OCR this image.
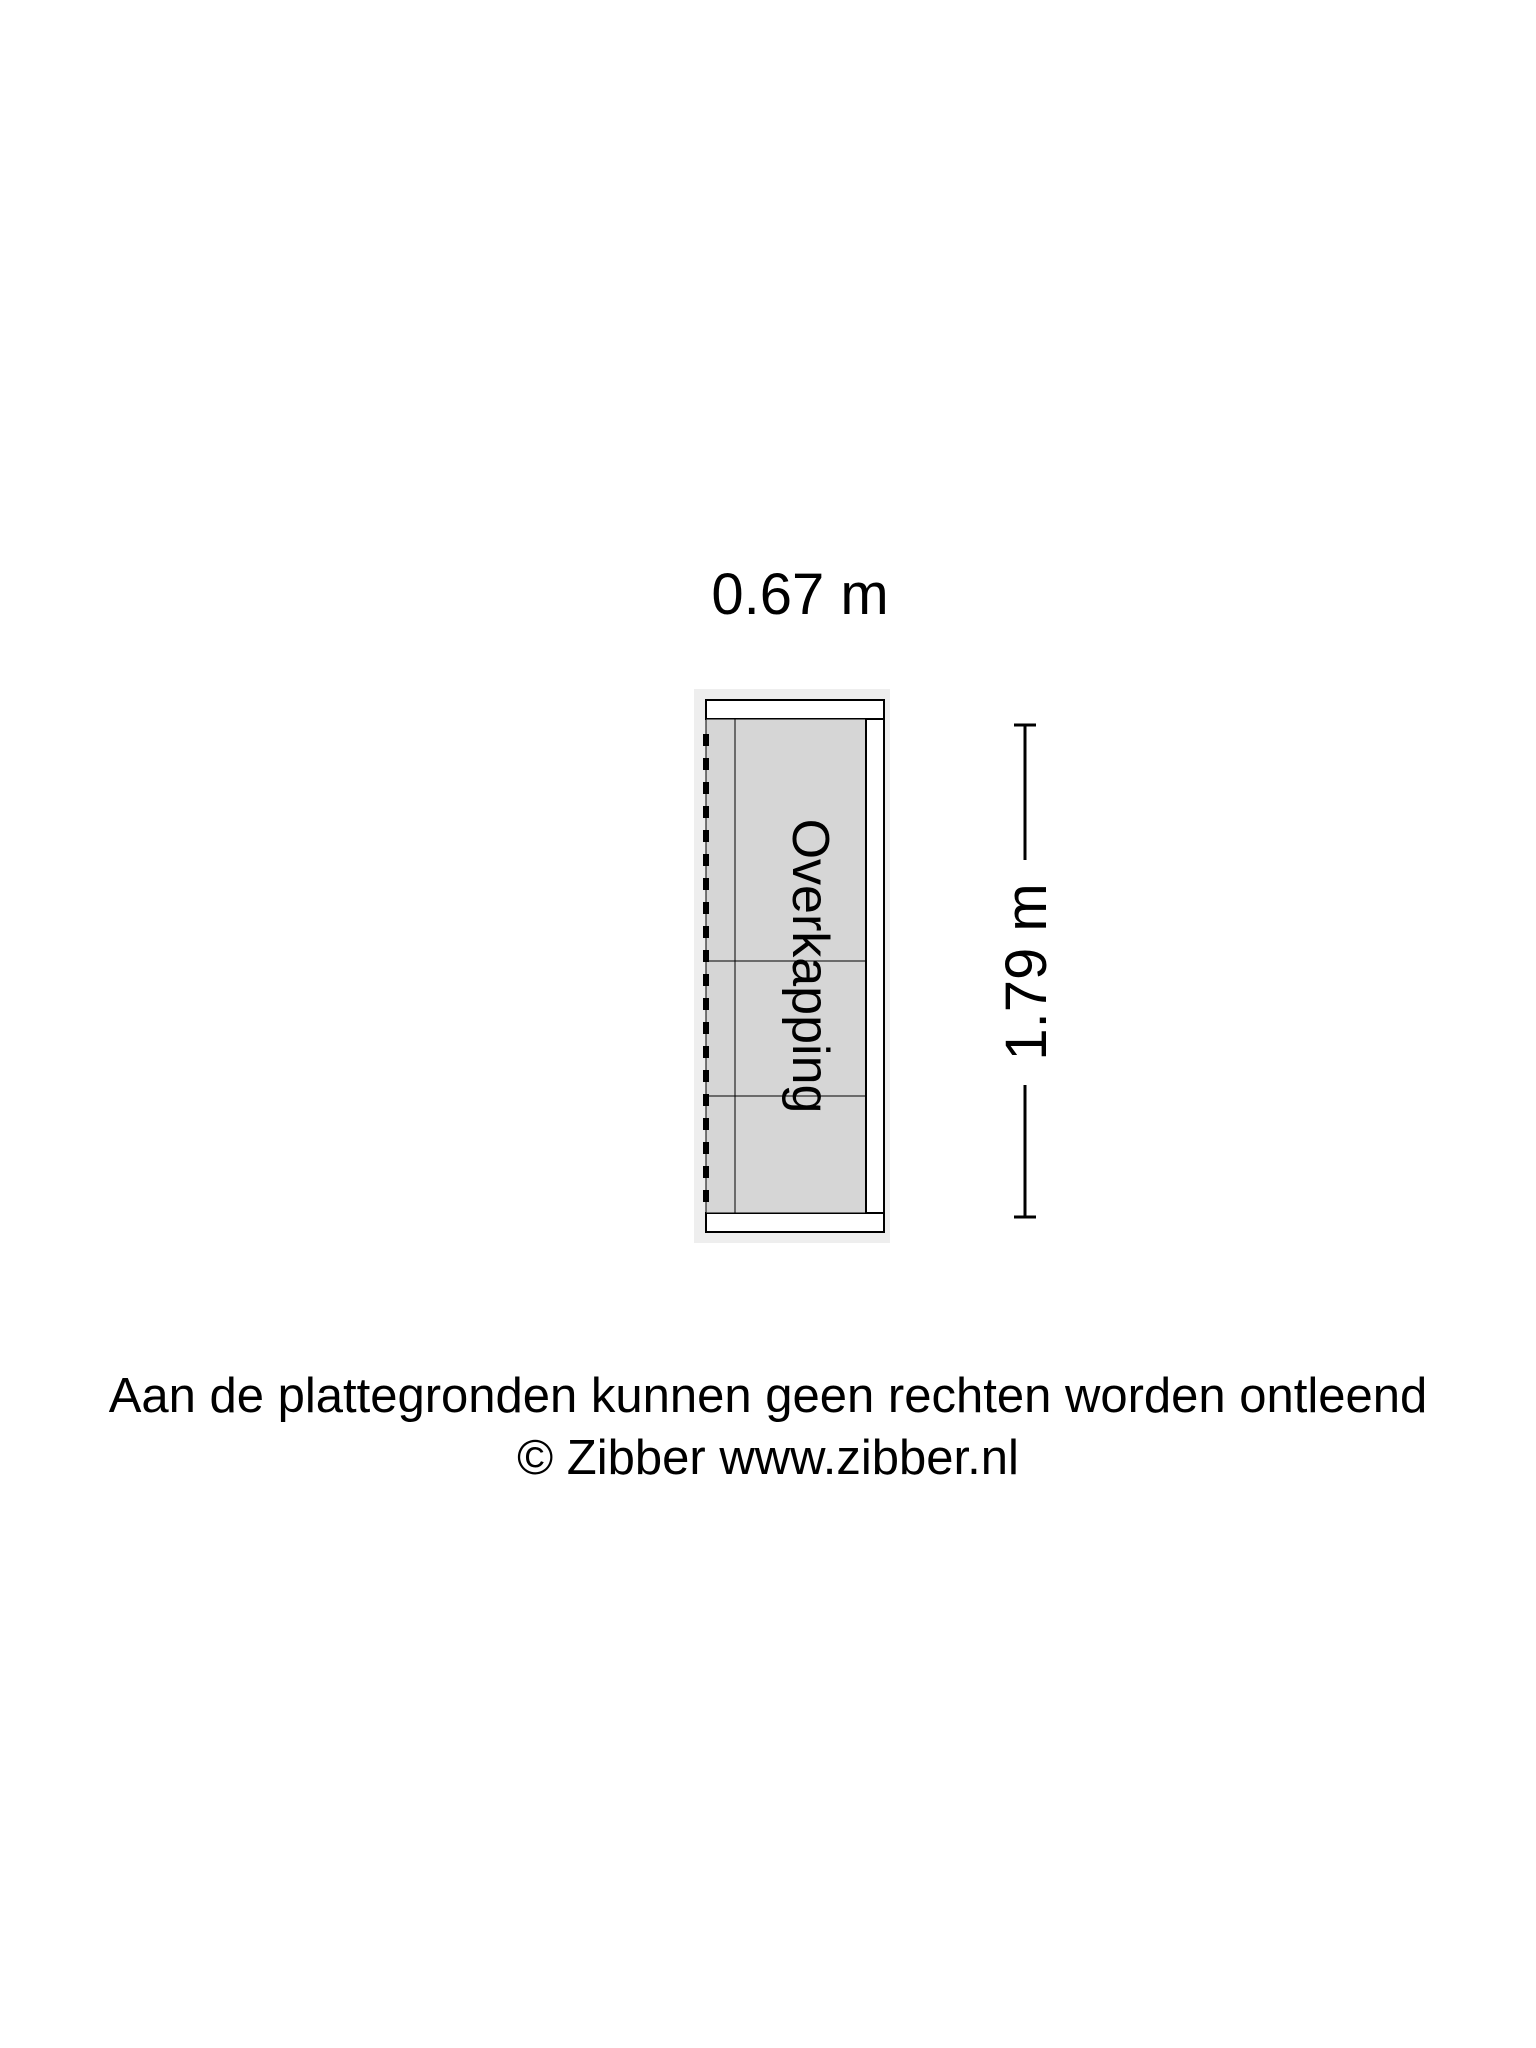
0.67 m
Overkapping	1.79 m
Aan de plattegronden kunnen geen rechten worden ontleend
© Zibber www.zibber.nl
